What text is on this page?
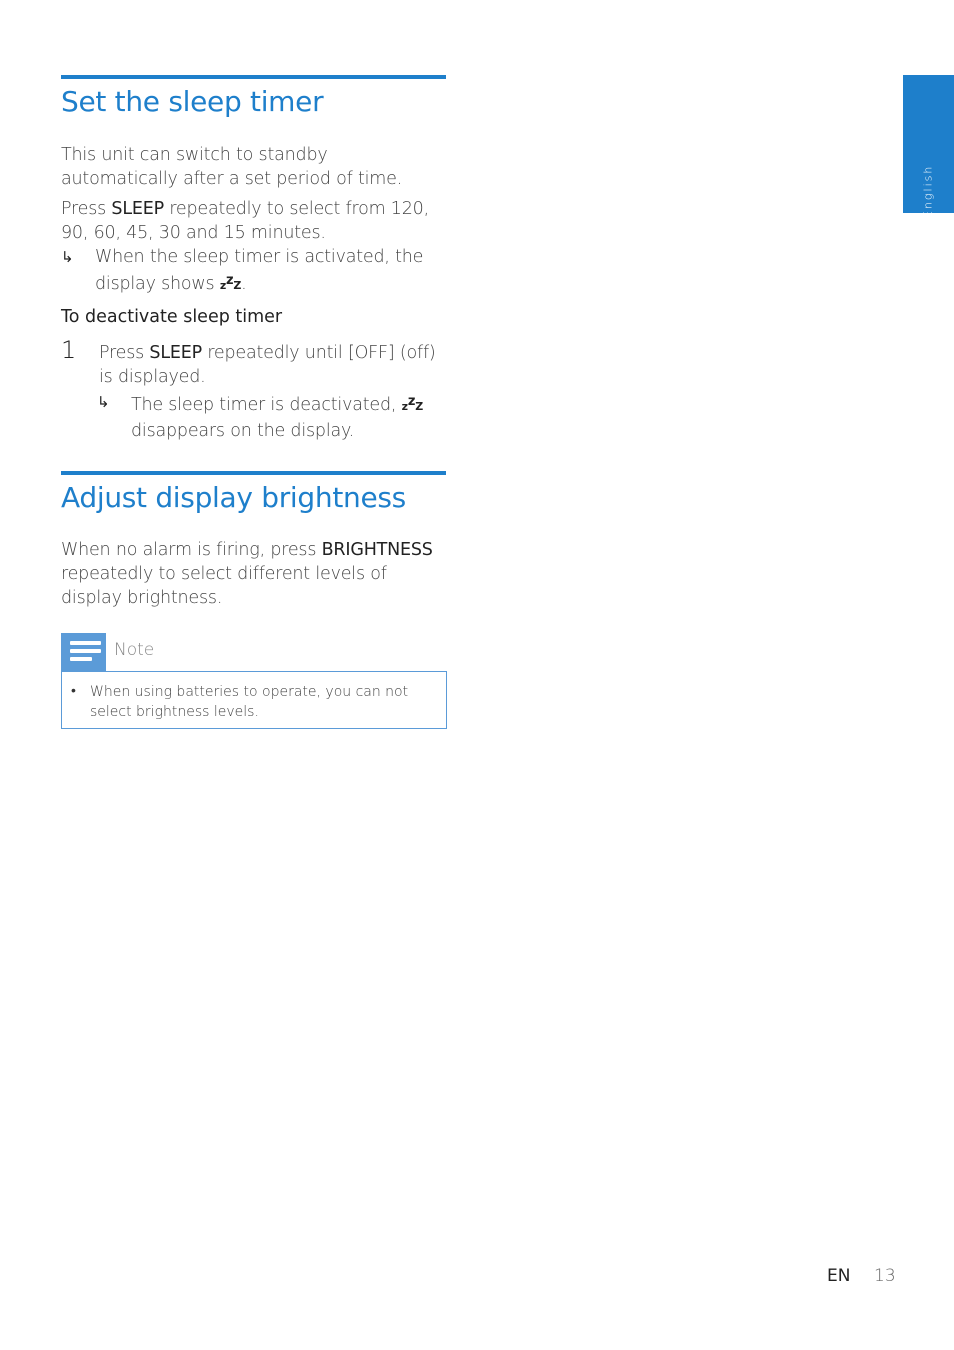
English
Set the sleep timer

This unit can switch to standby automatically after a set period of time.

Press SLEEP repeatedly to select from 120, 90, 60, 45, 30 and 15 minutes.

↳ When the sleep timer is activated, the display shows $z^zZ$.

To deactivate sleep timer

1 Press SLEEP repeatedly until [OFF] (off) is displayed.

↳ The sleep timer is deactivated, $z^zZ$ disappears on the display.

Adjust display brightness

When no alarm is firing, press BRIGHTNESS repeatedly to select different levels of display brightness.

Note
• When using batteries to operate, you can not select brightness levels.
EN 13
